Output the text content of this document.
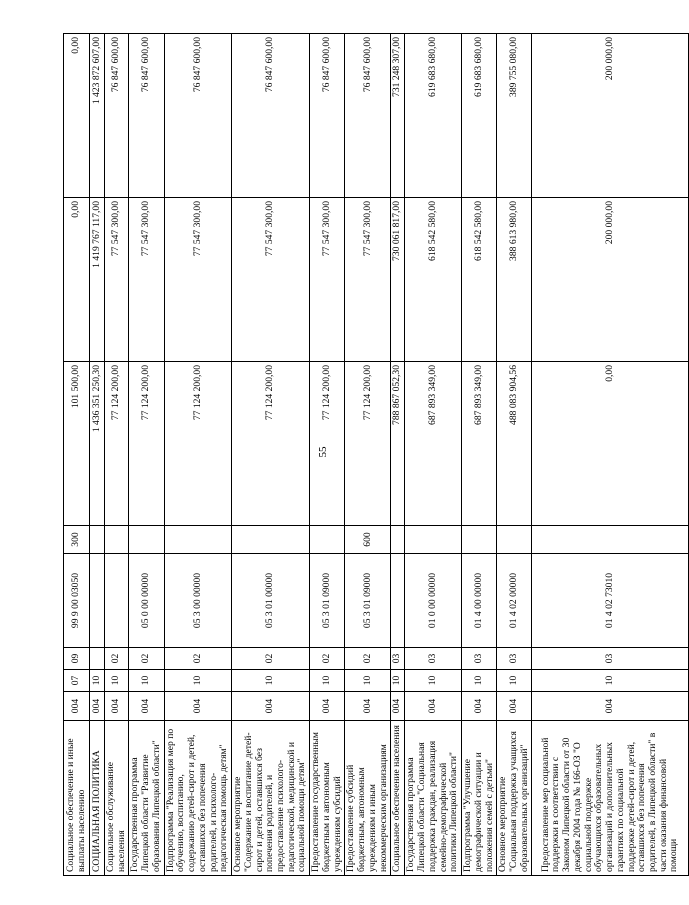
55
Социальное обеспечение и иные выплаты населению	004	07	09	99 9 00 03050	300	101 500,00	0,00	0,00
СОЦИАЛЬНАЯ ПОЛИТИКА	004	10				1 436 351 250,30	1 419 767 117,00	1 423 872 607,00
Социальное обслуживание населения	004	10	02			77 124 200,00	77 547 300,00	76 847 600,00
Государственная программа Липецкой области "Развитие образования Липецкой области"	004	10	02	05 0 00 00000		77 124 200,00	77 547 300,00	76 847 600,00
Подпрограмма "Реализация мер по обучению, воспитанию, содержанию детей-сирот и детей, оставшихся без попечения родителей, и психолого-педагогическая помощь детям"	004	10	02	05 3 00 00000		77 124 200,00	77 547 300,00	76 847 600,00
Основное мероприятие "Содержание и воспитание детей-сирот и детей, оставшихся без попечения родителей, и предоставление психолого-педагогической, медицинской и социальной помощи детям"	004	10	02	05 3 01 00000		77 124 200,00	77 547 300,00	76 847 600,00
Предоставление государственным бюджетным и автономным учреждениям субсидий	004	10	02	05 3 01 09000		77 124 200,00	77 547 300,00	76 847 600,00
Предоставление субсидий бюджетным, автономным учреждениям и иным некоммерческим организациям	004	10	02	05 3 01 09000	600	77 124 200,00	77 547 300,00	76 847 600,00
Социальное обеспечение населения	004	10	03			788 867 052,30	730 061 817,00	731 248 307,00
Государственная программа Липецкой области "Социальная поддержка граждан, реализация семейно-демографической политики Липецкой области"	004	10	03	01 0 00 00000		687 893 349,00	618 542 580,00	619 683 680,00
Подпрограмма "Улучшение демографической ситуации и положения семей с детьми"	004	10	03	01 4 00 00000		687 893 349,00	618 542 580,00	619 683 680,00
Основное мероприятие "Социальная поддержка учащихся образовательных организаций"	004	10	03	01 4 02 00000		488 083 904,56	388 613 980,00	389 755 080,00
Предоставление мер социальной поддержки в соответствии с Законом Липецкой области от 30 декабря 2004 года № 166-ОЗ "О социальной поддержке обучающихся образовательных организаций и дополнительных гарантиях по социальной поддержке детей-сирот и детей, оставшихся без попечения родителей, в Липецкой области" в части оказания финансовой помощи	004	10	03	01 4 02 73010		0,00	200 000,00	200 000,00
